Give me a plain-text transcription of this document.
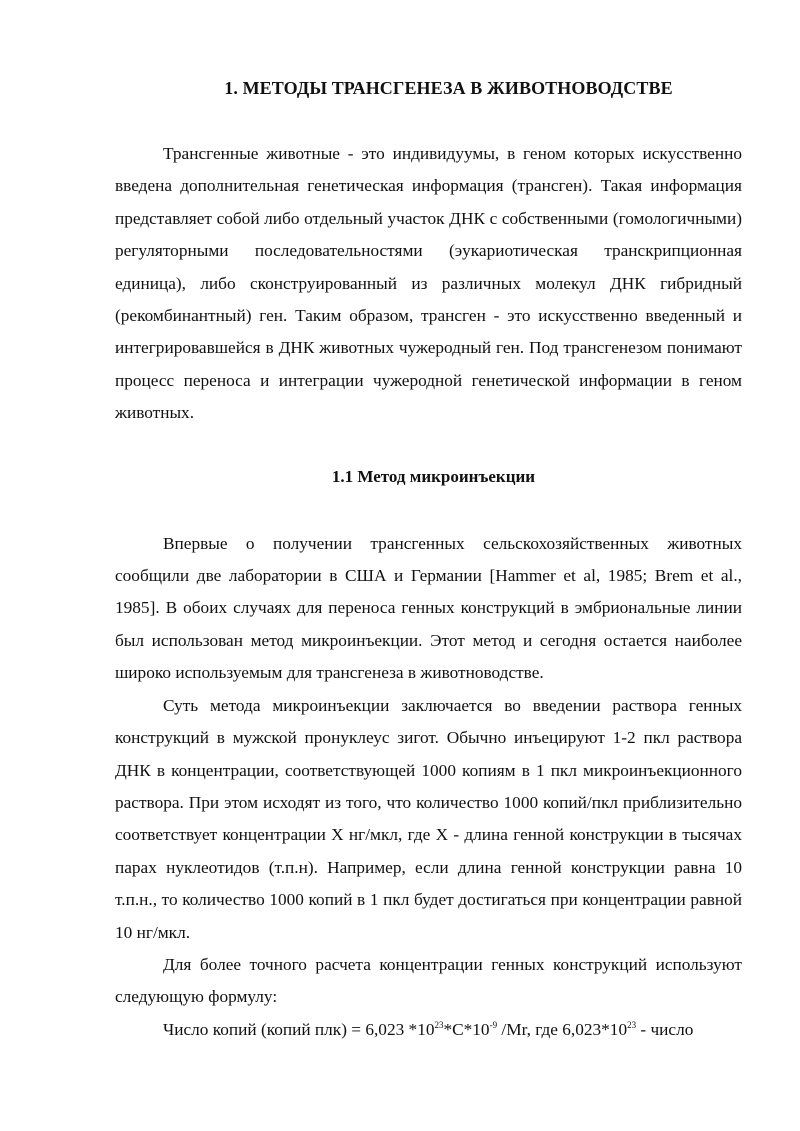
1. МЕТОДЫ ТРАНСГЕНЕЗА В ЖИВОТНОВОДСТВЕ

Трансгенные животные - это индивидуумы, в геном которых искусственно введена дополнительная генетическая информация (трансген). Такая информация представляет собой либо отдельный участок ДНК с собственными (гомологичными) регуляторными последовательностями (эукариотическая транскрипционная единица), либо сконструированный из различных молекул ДНК гибридный (рекомбинантный) ген. Таким образом, трансген - это искусственно введенный и интегрировавшейся в ДНК животных чужеродный ген. Под трансгенезом понимают процесс переноса и интеграции чужеродной генетической информации в геном животных.

1.1 Метод микроинъекции

Впервые о получении трансгенных сельскохозяйственных животных сообщили две лаборатории в США и Германии [Hammer et al, 1985; Brem et al., 1985]. В обоих случаях для переноса генных конструкций в эмбриональные линии был использован метод микроинъекции. Этот метод и сегодня остается наиболее широко используемым для трансгенеза в животноводстве.

Суть метода микроинъекции заключается во введении раствора генных конструкций в мужской пронуклеус зигот. Обычно инъецируют 1-2 пкл раствора ДНК в концентрации, соответствующей 1000 копиям в 1 пкл микроинъекционного раствора. При этом исходят из того, что количество 1000 копий/пкл приблизительно соответствует концентрации X нг/мкл, где X - длина генной конструкции в тысячах парах нуклеотидов (т.п.н). Например, если длина генной конструкции равна 10 т.п.н., то количество 1000 копий в 1 пкл будет достигаться при концентрации равной 10 нг/мкл.

Для более точного расчета концентрации генных конструкций используют следующую формулу:

Число копий (копий плк) = 6,023 $*10^{23}*C*10^{-9}$ /Mr, где $6,023*10^{23}$ - число
